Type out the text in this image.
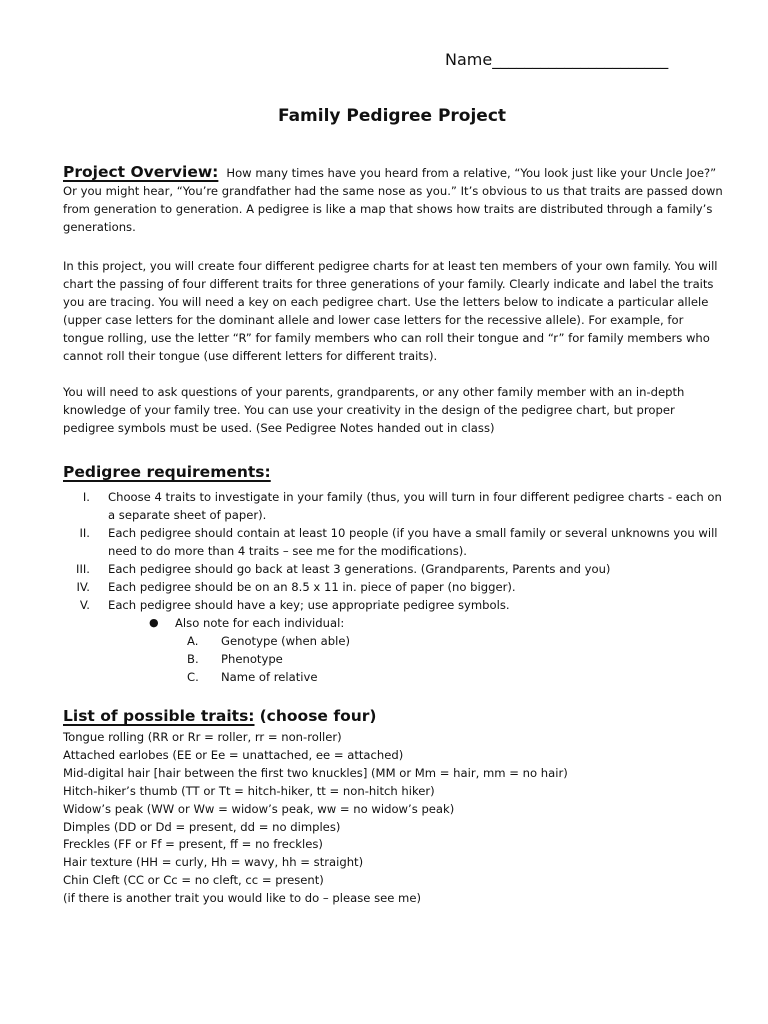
Name______________________
Family Pedigree Project

Project Overview: How many times have you heard from a relative, “You look just like your Uncle Joe?” Or you might hear, “You’re grandfather had the same nose as you.” It’s obvious to us that traits are passed down from generation to generation. A pedigree is like a map that shows how traits are distributed through a family’s generations.

In this project, you will create four different pedigree charts for at least ten members of your own family. You will chart the passing of four different traits for three generations of your family. Clearly indicate and label the traits you are tracing. You will need a key on each pedigree chart. Use the letters below to indicate a particular allele (upper case letters for the dominant allele and lower case letters for the recessive allele). For example, for tongue rolling, use the letter “R” for family members who can roll their tongue and “r” for family members who cannot roll their tongue (use different letters for different traits).
You will need to ask questions of your parents, grandparents, or any other family member with an in-depth knowledge of your family tree. You can use your creativity in the design of the pedigree chart, but proper pedigree symbols must be used. (See Pedigree Notes handed out in class)
Pedigree requirements:
I. Choose 4 traits to investigate in your family (thus, you will turn in four different pedigree charts - each on a separate sheet of paper).
II. Each pedigree should contain at least 10 people (if you have a small family or several unknowns you will need to do more than 4 traits – see me for the modifications).
III. Each pedigree should go back at least 3 generations. (Grandparents, Parents and you)
IV. Each pedigree should be on an 8.5 x 11 in. piece of paper (no bigger).
V. Each pedigree should have a key; use appropriate pedigree symbols.
● Also note for each individual:
A. Genotype (when able)
B. Phenotype
C. Name of relative
List of possible traits: (choose four)
Tongue rolling (RR or Rr = roller, rr = non-roller)
Attached earlobes (EE or Ee = unattached, ee = attached)
Mid-digital hair [hair between the first two knuckles] (MM or Mm = hair, mm = no hair)
Hitch-hiker’s thumb (TT or Tt = hitch-hiker, tt = non-hitch hiker)
Widow’s peak (WW or Ww = widow’s peak, ww = no widow’s peak)
Dimples (DD or Dd = present, dd = no dimples)
Freckles (FF or Ff = present, ff = no freckles)
Hair texture (HH = curly, Hh = wavy, hh = straight)
Chin Cleft (CC or Cc = no cleft, cc = present)
(if there is another trait you would like to do – please see me)
